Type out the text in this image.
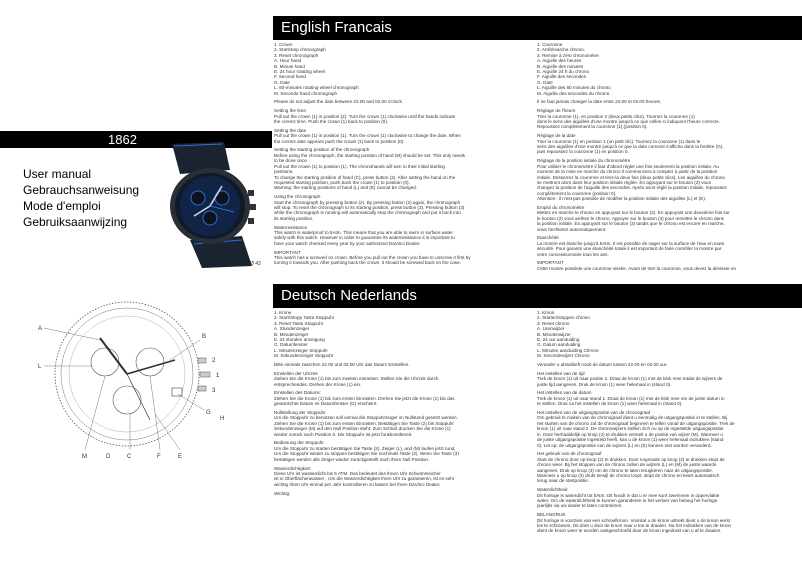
English Francais
Deutsch Nederlands
1862
User manual
Gebrauchsanweisung
Mode d'emploi
Gebruiksaanwijzing
Ø 43
A
L
M
B
2
1
3
G
C	F	E
D
H

1. Crown
2. Start/stop chronograph
3. Reset chronograph
A. Hour hand
B. Minute hand
E. 24 hour rotating wheel
F. Second hand
G. Date
L. 60-minutes rotating wheel chronograph
M. Seconde hand chronograph

Please do not adjust the date between 22.00 and 02.00 o'clock.

Setting the time
Pull out the crown (1) in position (2). Turn the crown (1) clockwise until the hands indicate
the correct time. Push the crown (1) back to position (0).

Setting the date
Pull out the crown (1) in position (1). Turn the crown (1) clockwise to change the date. When
the correct date appears push the crown (1) back to position (0).

Setting the starting position of the chronograph
Before using the chronograph, the starting position of hand (M) should be set. This only needs
to be done once.
Pull out the crown (1) to position (1). The chronohands will turn to their initial starting
positions.
To change the starting position of hand (C), press button (2). After setting the hand on the
requested starting position, push back the crown (1) to position (0).
Warning: the starting positions of hand (L) and (E) cannot be changed.

Using the chronograph
Start the chronograph by pressing button (2). By pressing button (2) again, the chronograph
will stop. To reset the chronograph to its starting position, press button (3). Pressing button (3)
while the chronograph is running will automatically stop the chronograph and put it back into
its starting position.

Waterresistance
This watch is waterproof to 5Atm. This means that you are able to swim in surface water
safely with this watch. However in order to guarantee its waterresistance it is important to
have your watch checked every year by your authorized DaVinci Dealer.

IMPORTANT
This watch has a screwed on crown. Before you pull out the crown you have to unscrew it first by
turning it towards you. After pushing back the crown, it should be screwed back on the case.

1. Couronne
2. Arrêt/marche chrono.
3. Remise à zéro chronomètre
A. Aiguille des heures
B. Aiguille des minutes
E. Aiguille 24 h du chrono
F. Aiguille des secondes
G. Date
L. Aiguille des 60 minutes du chrono
M. Aiguille des secondes du chrono

Il ne faut jamais changer la date entre 22.00 et 02.00 heures.

Réglage de l'heure
Tirer la couronne (1), en position 2 (deux petits clics). Tournez la couronne (1)
dans le sens des aiguilles d'une montre jusqu'à ce que celles-ci indiquent l'heure correcte.
Repoussez complètement la couronne (1) (position 0).

Réglage de la date
Tirer la couronne (1) en position 1 (un petit clic). Tournez la couronne (1) dans le
sens des aiguilles d'une montre jusqu'à ce que la date correcte s'affiche dans la fenêtre (G),
puis repoussez la couronne (1) en position 0.

Réglage de la position initiale du chronomètre
Pour utiliser le chronomètre il faut d'abord régler une fois seulement la position initiale. Au
moment de la mise en marche du chrono il commencera à compter à partir de la position
initiale. Desserrez la couronne et tirez-la deux fois (deux petits clics). Les aiguilles du chrono
se mettront alors dans leur position initiale réglée. En appuyant sur le bouton (2) vous
changez la position de l'aiguille des secondes. Après avoir réglé la position initiale, repoussez
complètement la couronne (position 0).
Attention : il n'est pas possible de modifier la position initiale des aiguilles (L) et (E).

Emploi du chronomètre
Mettez en marche le chrono en appuyant sur le bouton (2). En appuyant une deuxième fois sur
le bouton (2) vous arrêtez le chrono. Appuyer sur le bouton (3) pour remettre le chrono dans
la position initiale. En appuyant sur le bouton (3) tandis que le chrono est encore en marche,
vous l'arrêterez automatiquement.

Etanchéité
La montre est étanche jusqu'à 5Atm. Il est possible de nager sur la surface de l'eau en toute
sécurité. Pour garantir une étanchéité totale il est important de faire contrôler la montre par
votre concessionnaire tous les ans.

IMPORTANT
Cette montre possède une couronne vissée. Avant de tirer la couronne, vous devez la dévisser en

1. Krone
2. Start/Stopp Taste Stoppuhr
3. Reset Taste Stoppuhr
A. Stundenzeiger
B. Minutenzeiger
E. 24 stunden anzeigung
G. Datumfenster
L. Minutenzeiger Stoppuhr
M. Sekundenzeiger Stoppuhr

Bitte niemals zwischen 22.00 und 02.00 Uhr das Datum Einstellen.

Einstellen der Uhrzeit
Ziehen Sie die Krone (1) bis zum zweiten einrasten. Stellen Sie die Uhrzeit durch
entsprechendes. Drehen der Krone (1) ein.

Einstellen des Datums:
Ziehen Sie die Krone (1) bis zum ersten Einrasten. Drehen Sie jetzt die Krone (1) bis das
gewünschte Datum im Datumfenster (G) erscheint.

Nullstellung der Stoppuhr
Um die Stoppuhr zu benutzen soll einmal die Stoppuhrzeiger im Nullstand gesetzt werden.
Ziehen Sie die Krone (1) bis zum ersten Einrasten. Bestätigen Sie Taste (2) bis Stoppuhr
Sekundenzeiger (M) auf den Null Position steht. Zum Schluß drucken Sie die Krone (1)
wieder zurück nach Position 0. Die Stoppuhr ist jetzt funktionsbereit.

Bedienung der Stoppuhr
Um die Stoppuhr zu starten bestätigen Sie Taste (2). Zeiger (L), and (M) laufen jetzt rund.
Um die Stoppuhr wieder zu stoppen bestätigen Sie nochmals Taste (2). Wenn Sie Taste (3)
bestätigen werden alle Zeiger wieder zurückgestellt nach ihren Null Position.

Wasserdichtigkeit:
Diese Uhr ist wasserdicht bis 5 ATM. Das bedeutet das Ihnen Uhr Schwimmsicher
ist in Oberflächenwasser . Um die Wasserdichtigkeit Ihren Uhr zu garantieren, ist es sehr
wichtig Ihren Uhr einmal per Jahr kontrollieren zu lassen bei Ihren DaVinci Dealer.

Wichtig:

1. Kroon
2. Starten/stoppen chrono
3. Reset chrono
A. Urenwijzer
B. Minutenwijzer
E. 24 uur aanduiding
G. Datum aanduiding
L. Minuten aanduiding Chrono
M. Secondewijzer Chrono

Verander u alstublieft nooit de datum tussen 22.00 en 02.00 uur.

Het instellen van de tijd
Trek de kroon (1) uit naar positie 2. Draai de kroon (1) met de klok mee totdat de wijzers de
juiste tijd aangeven. Druk de kroon (1) weer helemaal in (stand 0).

Het instellen van de datum
Trek de kroon (1) uit naar stand 1. Draai de kroon (1) met de klok mee om de juiste datum in
te stellen. Druk na het instellen de kroon (1) weer helemaal in (stand 0).

Het instellen van de uitgangspositie van de chronograaf
Om gebruik te maken van de chronograaf dient u eenmalig de uitgangspositie in te stellen. Bij
het starten van de chrono zal de chronograaf beginnen te tellen vanaf de uitgangspositie. Trek de
kroon (1) uit naar stand 2. De chronowijzers stellen zich nu op de ingestelde uitgangspositie
in. Door herhaaldelijk op knop (2) te drukken verstelt u de positie van wijzer (M). Wanneer u
de juiste uitgangspositie ingesteld heeft, kan u de kroon (1) weer helemaal indrukken (stand
0). Let op: de uitgangspositie van de wijzers (L) en (E) kunnen niet worden veranderd.

Het gebruik van de chronograaf
Start de chrono door op knop (2) te drukken. Door nogmaals op knop (2) te drukken stopt de
chrono weer. Bij het stoppen van de chrono zullen de wijzers (L) en (M) de juiste waarde
aangeven. Druk op knop (3) om de chrono te laten terugkeren naar de uitgangspositie.
Wanneer u op knop (3) drukt terwijl de chrono loopt, stopt de chrono en keert automatisch
terug naar de startpositie.

Waterdichtheid
Dit horloge is waterdicht tot 5Atm. Dit houdt in dat u er mee kunt zwemmen in oppervlakte
water. Om de waterdichtheid te kunnen garanderen in het verloer van belang het horloge
jaarlijks via uw dealer te laten controleren.

BELANGRIJK
Dit horloge is voorzien van een schroefkroon. Voordat u de kroon uittrekt dient u de kroon eerst
los te schroeven. Dit doet u door de kroon naar u toe te draaien. Na het indrukken van de kroon
dient de kroon weer te worden vastgeschroefd door de kroon ingedrukt van u af te draaien.
